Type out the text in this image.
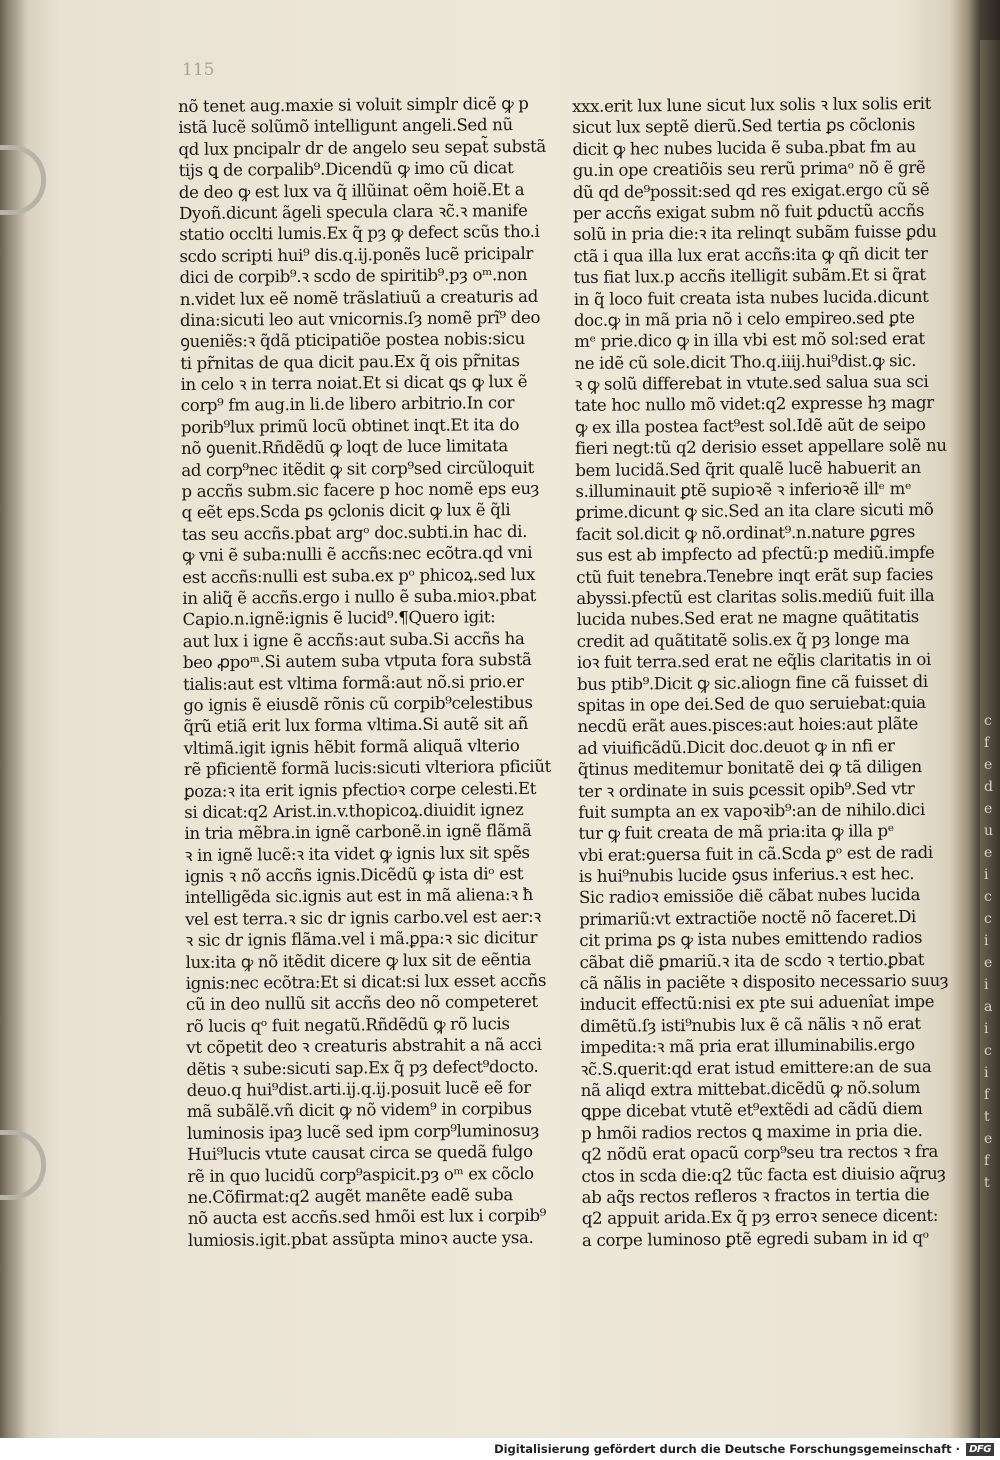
115
nõ tenet aug.maxie si voluit simplr dicẽ ꝙ p
istã lucẽ solũmõ intelligunt angeli.Sed nũ
qd lux pncipalr dr de angelo seu sepat̃ substã
tijs ꝗ de corpalib⁹.Dicendũ ꝙ imo cũ dicat
de deo ꝙ est lux va q̃ illũinat oẽm hoiẽ.Et a
Dyoñ.dicunt ãgeli specula clara ꝛc̃.ꝛ manife
statio occlti lumis.Ex q̃ pȝ ꝙ defect scũs tho.i
scdo scripti hui⁹ dis.q.ij.ponẽs lucẽ pricipalr
dici de corpib⁹.ꝛ scdo de spiritib⁹.pȝ oᵐ.non
n.videt lux eẽ nomẽ trãslatiuũ a creaturis ad
dina:sicuti leo aut vnicornis.ſȝ nomẽ prĩ⁹ deo
ꝯueniẽs:ꝛ q̃dã pticipatiõe postea nobis:sicu
ti pr̃nitas de qua dicit pau.Ex q̃ ois pr̃nitas
in celo ꝛ in terra noiat.Et si dicat ꝗs ꝙ lux ẽ
corp⁹ fm aug.in li.de libero arbitrio.In cor
porib⁹lux primũ locũ obtinet inqt.Et ita do
nõ ꝯuenit.Rñdẽdũ ꝙ loqt de luce limitata
ad corp⁹nec itẽdit ꝙ sit corp⁹sed circũloquit
p accñs subm.sic facere p hoc nomẽ eps euȝ
q eẽt eps.Scda ꝑs ꝯclonis dicit ꝙ lux ẽ q̃li
tas seu accñs.pbat argᵒ doc.subti.in hac di.
ꝙ vni ẽ suba:nulli ẽ accñs:nec ecõtra.qd vni
est accñs:nulli est suba.ex pᵒ phicoꝝ.sed lux
in aliq̃ ẽ accñs.ergo i nullo ẽ suba.mioꝛ.pbat
Capio.n.ignẽ:ignis ẽ lucid⁹.¶Quero igit:
aut lux i igne ẽ accñs:aut suba.Si accñs ha
beo ꝓpoᵐ.Si autem suba vtputa fora substã
tialis:aut est vltima formã:aut nõ.si prio.er
go ignis ẽ eiusdẽ rõnis cũ corpib⁹celestibus
q̃rũ etiã erit lux forma vltima.Si autẽ sit añ
vltimã.igit ignis hẽbit formã aliquã vlterio
rẽ pficientẽ formã lucis:sicuti vlteriora pficiũt
ꝑoza:ꝛ ita erit ignis pfectioꝛ corpe celesti.Et
si dicat:q2 Arist.in.v.thopicoꝝ.diuidit ignez
in tria mẽbra.in ignẽ carbonẽ.in ignẽ flãmã
ꝛ in ignẽ lucẽ:ꝛ ita videt ꝙ ignis lux sit spẽs
ignis ꝛ nõ accñs ignis.Dicẽdũ ꝙ ista diᵒ est
intelligẽda sic.ignis aut est in mã aliena:ꝛ ħ
vel est terra.ꝛ sic dr ignis carbo.vel est aer:ꝛ
ꝛ sic dr ignis flãma.vel i mã.ꝑpa:ꝛ sic dicitur
lux:ita ꝙ nõ itẽdit dicere ꝙ lux sit de eẽntia
ignis:nec ecõtra:Et si dicat:si lux esset accñs
cũ in deo nullũ sit accñs deo nõ competeret
rõ lucis qᵒ fuit negatũ.Rñdẽdũ ꝙ rõ lucis
vt cõpetit deo ꝛ creaturis abstrahit a nã acci
dẽtis ꝛ sube:sicuti sap.Ex q̃ pȝ defect⁹docto.
deuo.q hui⁹dist.arti.ij.q.ij.posuit lucẽ eẽ for
mã subãlẽ.vñ dicit ꝙ nõ videm⁹ in corpibus
luminosis ipaȝ lucẽ sed ipm corp⁹luminosuȝ
Hui⁹lucis vtute causat circa se quedã fulgo
rẽ in quo lucidũ corp⁹aspicit.pȝ oᵐ ex cõclo
ne.Cõfirmat:q2 augẽt manẽte eadẽ suba
nõ aucta est accñs.sed hmõi est lux i corpib⁹
lumiosis.igit.pbat assũpta minoꝛ aucte ysa.
xxx.erit lux lune sicut lux solis ꝛ lux solis erit
sicut lux septẽ dierũ.Sed tertia ꝑs cõclonis
dicit ꝙ hec nubes lucida ẽ suba.pbat fm au
gu.in ope creatiõis seu rerũ primaᵒ nõ ẽ grẽ
dũ qd de⁹possit:sed qd res exigat.ergo cũ sẽ
per accñs exigat subm nõ fuit ꝑductũ accñs
solũ in pria die:ꝛ ita relinqt subãm fuisse ꝑdu
ctã i qua illa lux erat accñs:ita ꝙ qñ dicit ter
tus fiat lux.p accñs itelligit subãm.Et si q̃rat
in q̃ loco fuit creata ista nubes lucida.dicunt
doc.ꝙ in mã pria nõ i celo empireo.sed ꝑte
mᵉ prie.dico ꝙ in illa vbi est mõ sol:sed erat
ne idẽ cũ sole.dicit Tho.q.iiij.hui⁹dist.ꝙ sic.
ꝛ ꝙ solũ differebat in vtute.sed salua sua sci
tate hoc nullo mõ videt:q2 expresse hȝ magr
ꝙ ex illa postea fact⁹est sol.Idẽ aũt de seipo
fieri negt:tũ q2 derisio esset appellare solẽ nu
bem lucidã.Sed q̃rit qualẽ lucẽ habuerit an
s.illuminauit ꝑtẽ supioꝛẽ ꝛ inferioꝛẽ illᵉ mᵉ
ꝑrime.dicunt ꝙ sic.Sed an ita clare sicuti mõ
facit sol.dicit ꝙ nõ.ordinat⁹.n.nature ꝑgres
sus est ab impfecto ad pfectũ:p mediũ.impfe
ctũ fuit tenebra.Tenebre inqt erãt sup facies
abyssi.pfectũ est claritas solis.mediũ fuit illa
lucida nubes.Sed erat ne magne quãtitatis
credit ad quãtitatẽ solis.ex q̃ pȝ longe ma
ioꝛ fuit terra.sed erat ne eq̃lis claritatis in oi
bus ptib⁹.Dicit ꝙ sic.aliogn fine cã fuisset di
spitas in ope dei.Sed de quo seruiebat:quia
necdũ erãt aues.pisces:aut hoies:aut plãte
ad viuificãdũ.Dicit doc.deuot ꝙ in nfi er
q̃tinus meditemur bonitatẽ dei ꝙ tã diligen
ter ꝛ ordinate in suis ꝑcessit opib⁹.Sed vtr
fuit sumpta an ex vapoꝛib⁹:an de nihilo.dici
tur ꝙ fuit creata de mã pria:ita ꝙ illa pᵉ
vbi erat:ꝯuersa fuit in cã.Scda ꝑᵒ est de radi
is hui⁹nubis lucide ꝯsus inferius.ꝛ est hec.
Sic radioꝛ emissiõe diẽ cãbat nubes lucida
primariũ:vt extractiõe noctẽ nõ faceret.Di
cit prima ꝑs ꝙ ista nubes emittendo radios
cãbat diẽ ꝑmariũ.ꝛ ita de scdo ꝛ tertio.ꝑbat
cã nãlis in paciẽte ꝛ disposito necessario suuȝ
inducit effectũ:nisi ex pte sui aduenîat impe
dimẽtũ.ſȝ isti⁹nubis lux ẽ cã nãlis ꝛ nõ erat
impedita:ꝛ mã pria erat illuminabilis.ergo
ꝛc̃.S.querit:qd erat istud emittere:an de sua
nã aliqd extra mittebat.dicẽdũ ꝙ nõ.solum
ꝗppe dicebat vtutẽ et⁹extẽdi ad cãdũ diem
p hmõi radios rectos ꝗ maxime in pria die.
q2 nõdũ erat opacũ corp⁹seu tra rectos ꝛ fra
ctos in scda die:q2 tũc facta est diuisio aq̃ruȝ
ab aq̃s rectos refleros ꝛ fractos in tertia die
q2 appuit arida.Ex q̃ pȝ erroꝛ senece dicent:
a corpe luminoso ꝑtẽ egredi subam in id qᵒ
c f e d e u e i c c i e i a i c i f t e f t
Digitalisierung gefördert durch die Deutsche Forschungsgemeinschaft · DFG
